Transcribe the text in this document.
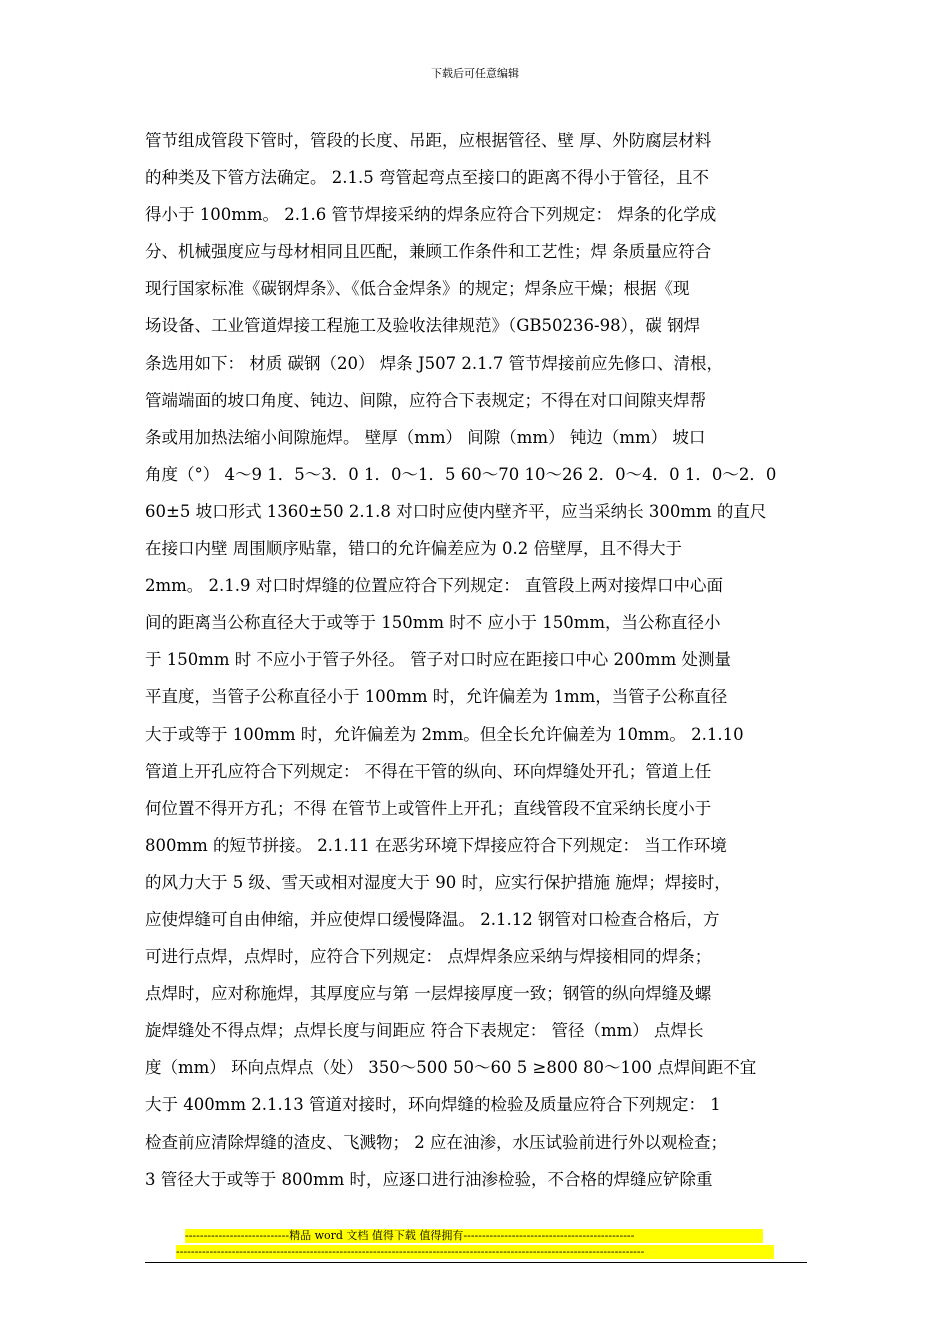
下载后可任意编辑
管节组成管段下管时，管段的长度、吊距，应根据管径、壁 厚、外防腐层材料
的种类及下管方法确定。 2.1.5 弯管起弯点至接口的距离不得小于管径，且不
得小于 100mm。 2.1.6 管节焊接采纳的焊条应符合下列规定： 焊条的化学成
分、机械强度应与母材相同且匹配，兼顾工作条件和工艺性；焊 条质量应符合
现行国家标准《碳钢焊条》、《低合金焊条》的规定；焊条应干燥；根据《现
场设备、工业管道焊接工程施工及验收法律规范》（GB50236-98），碳 钢焊
条选用如下： 材质 碳钢（20） 焊条 J507 2.1.7 管节焊接前应先修口、清根，
管端端面的坡口角度、钝边、间隙，应符合下表规定；不得在对口间隙夹焊帮
条或用加热法缩小间隙施焊。 壁厚（mm） 间隙（mm） 钝边（mm） 坡口
角度（°） 4～9 1．5～3．0 1．0～1．5 60～70 10～26 2．0～4．0 1．0～2．0
60±5 坡口形式 1360±50 2.1.8 对口时应使内壁齐平，应当采纳长 300mm 的直尺
在接口内壁 周围顺序贴靠，错口的允许偏差应为 0.2 倍壁厚，且不得大于
2mm。 2.1.9 对口时焊缝的位置应符合下列规定： 直管段上两对接焊口中心面
间的距离当公称直径大于或等于 150mm 时不 应小于 150mm，当公称直径小
于 150mm 时 不应小于管子外径。 管子对口时应在距接口中心 200mm 处测量
平直度，当管子公称直径小于 100mm 时，允许偏差为 1mm，当管子公称直径
大于或等于 100mm 时，允许偏差为 2mm。但全长允许偏差为 10mm。 2.1.10
管道上开孔应符合下列规定： 不得在干管的纵向、环向焊缝处开孔；管道上任
何位置不得开方孔；不得 在管节上或管件上开孔；直线管段不宜采纳长度小于
800mm 的短节拼接。 2.1.11 在恶劣环境下焊接应符合下列规定： 当工作环境
的风力大于 5 级、雪天或相对湿度大于 90 时，应实行保护措施 施焊；焊接时，
应使焊缝可自由伸缩，并应使焊口缓慢降温。 2.1.12 钢管对口检查合格后，方
可进行点焊，点焊时，应符合下列规定： 点焊焊条应采纳与焊接相同的焊条；
点焊时，应对称施焊，其厚度应与第 一层焊接厚度一致；钢管的纵向焊缝及螺
旋焊缝处不得点焊；点焊长度与间距应 符合下表规定： 管径（mm） 点焊长
度（mm） 环向点焊点（处） 350～500 50～60 5 ≥800 80～100 点焊间距不宜
大于 400mm 2.1.13 管道对接时，环向焊缝的检验及质量应符合下列规定： 1
检查前应清除焊缝的渣皮、飞溅物； 2 应在油渗，水压试验前进行外以观检查；
3 管径大于或等于 800mm 时，应逐口进行油渗检验，不合格的焊缝应铲除重
----------------------------精品 word 文档 值得下载 值得拥有----------------------------------------------
------------------------------------------------------------------------------------------------------------------------------
